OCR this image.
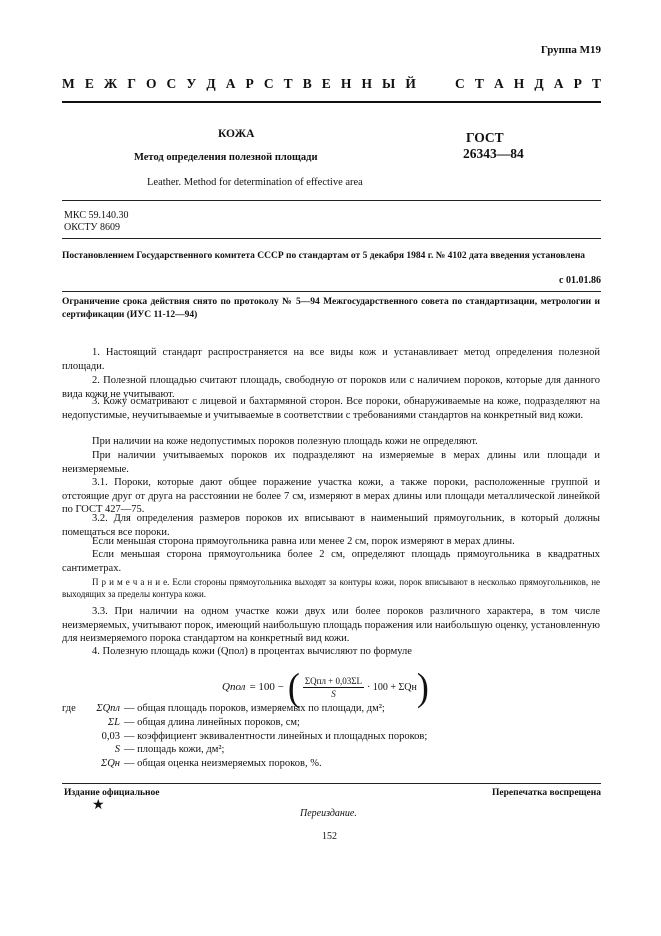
Группа М19
М Е Ж Г О С У Д А Р С Т В Е Н Н Ы Й	С Т А Н Д А Р Т
КОЖА
Метод определения полезной площади
Leather. Method for determination of effective area
ГОСТ
26343—84
МКС 59.140.30
ОКСТУ 8609
Постановлением Государственного комитета СССР по стандартам от 5 декабря 1984 г. № 4102 дата введения установлена
с 01.01.86
Ограничение срока действия снято по протоколу № 5—94 Межгосударственного совета по стандартизации, метрологии и сертификации (ИУС 11-12—94)
1. Настоящий стандарт распространяется на все виды кож и устанавливает метод определения полезной площади.
2. Полезной площадью считают площадь, свободную от пороков или с наличием пороков, которые для данного вида кожи не учитывают.
3. Кожу осматривают с лицевой и бахтармяной сторон. Все пороки, обнаруживаемые на коже, подразделяют на недопустимые, неучитываемые и учитываемые в соответствии с требованиями стандартов на конкретный вид кожи.
При наличии на коже недопустимых пороков полезную площадь кожи не определяют.
При наличии учитываемых пороков их подразделяют на измеряемые в мерах длины или площади и неизмеряемые.
3.1. Пороки, которые дают общее поражение участка кожи, а также пороки, расположенные группой и отстоящие друг от друга на расстоянии не более 7 см, измеряют в мерах длины или площади металлической линейкой по ГОСТ 427—75.
3.2. Для определения размеров пороков их вписывают в наименьший прямоугольник, в который должны помещаться все пороки.
Если меньшая сторона прямоугольника равна или менее 2 см, порок измеряют в мерах длины.
Если меньшая сторона прямоугольника более 2 см, определяют площадь прямоугольника в квадратных сантиметрах.
П р и м е ч а н и е. Если стороны прямоугольника выходят за контуры кожи, порок вписывают в несколько прямоугольников, не выходящих за пределы контура кожи.
3.3. При наличии на одном участке кожи двух или более пороков различного характера, в том числе неизмеряемых, учитывают порок, имеющий наибольшую площадь поражения или наибольшую оценку, установленную для неизмеряемого порока стандартом на конкретный вид кожи.
4. Полезную площадь кожи (Qпол) в процентах вычисляют по формуле
Qпол = 100 − ( $\frac{\text{ΣQпл + 0,03ΣL}}{S} \cdot 100 + \Sigma Qн$ )
где	ΣQпл — общая площадь пороков, измеряемых по площади, дм²;
ΣL — общая длина линейных пороков, см;
0,03 — коэффициент эквивалентности линейных и площадных пороков;
S — площадь кожи, дм²;
ΣQн — общая оценка неизмеряемых пороков, %.
Издание официальное	Перепечатка воспрещена
★
Переиздание.
152
